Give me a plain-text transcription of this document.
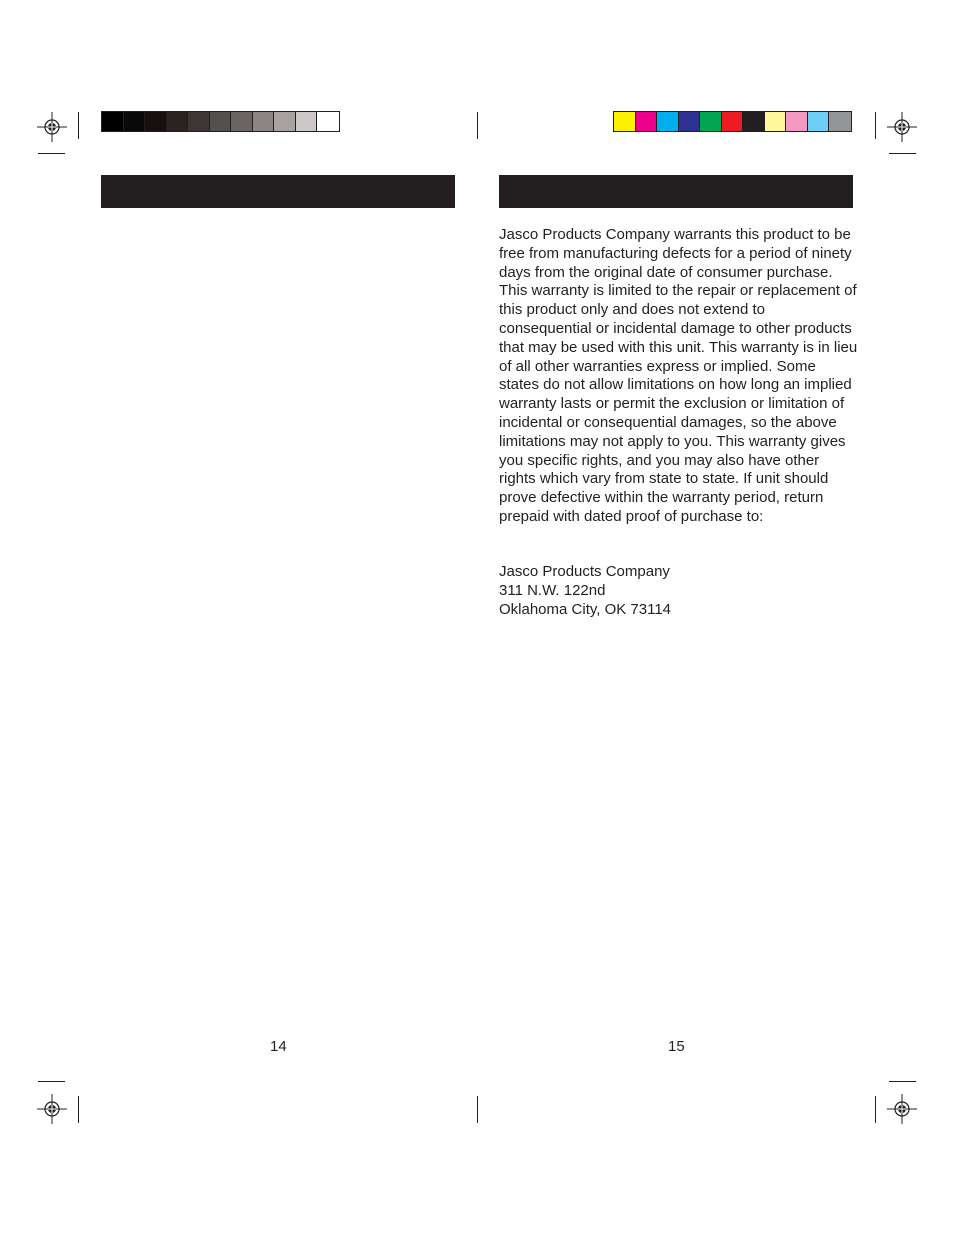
Jasco Products Company warrants this product to be free from manufacturing defects for a period of ninety days from the original date of consumer purchase. This warranty is limited to the repair or replacement of this product only and does not extend to consequential or incidental damage to other products that may be used with this unit. This warranty is in lieu of all other warranties express or implied. Some states do not allow limitations on how long an implied warranty lasts or permit the exclusion or limitation of incidental or consequential damages, so the above limitations may not apply to you. This warranty gives you specific rights, and you may also have other rights which vary from state to state. If unit should prove defective within the warranty period, return prepaid with dated proof of purchase to:

Jasco Products Company
311 N.W. 122nd
Oklahoma City, OK 73114
14	15
